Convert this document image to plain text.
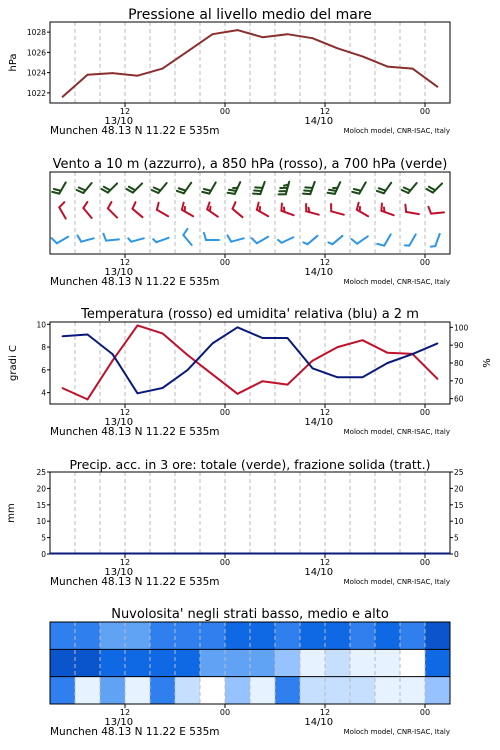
Pressione al livello medio del mare
1022
1024
1026
1028
hPa
12	00	12	00
13/10	14/10
Munchen 48.13 N 11.22 E 535m	Moloch model, CNR-ISAC, Italy
Vento a 10 m (azzurro), a 850 hPa (rosso), a 700 hPa (verde)
12	00	12	00
13/10	14/10
Munchen 48.13 N 11.22 E 535m	Moloch model, CNR-ISAC, Italy
Temperatura (rosso) ed umidita' relativa (blu) a 2 m
4
6
8
10
60
70
80
90
100
gradi C	%
12	00	12	00
13/10	14/10
Munchen 48.13 N 11.22 E 535m	Moloch model, CNR-ISAC, Italy
Precip. acc. in 3 ore: totale (verde), frazione solida (tratt.)
0
5
10
15
20
25
0
5
10
15
20
25
mm
12	00	12	00
13/10	14/10
Munchen 48.13 N 11.22 E 535m	Moloch model, CNR-ISAC, Italy
Nuvolosita' negli strati basso, medio e alto
12	00	12	00
13/10	14/10
Munchen 48.13 N 11.22 E 535m	Moloch model, CNR-ISAC, Italy
